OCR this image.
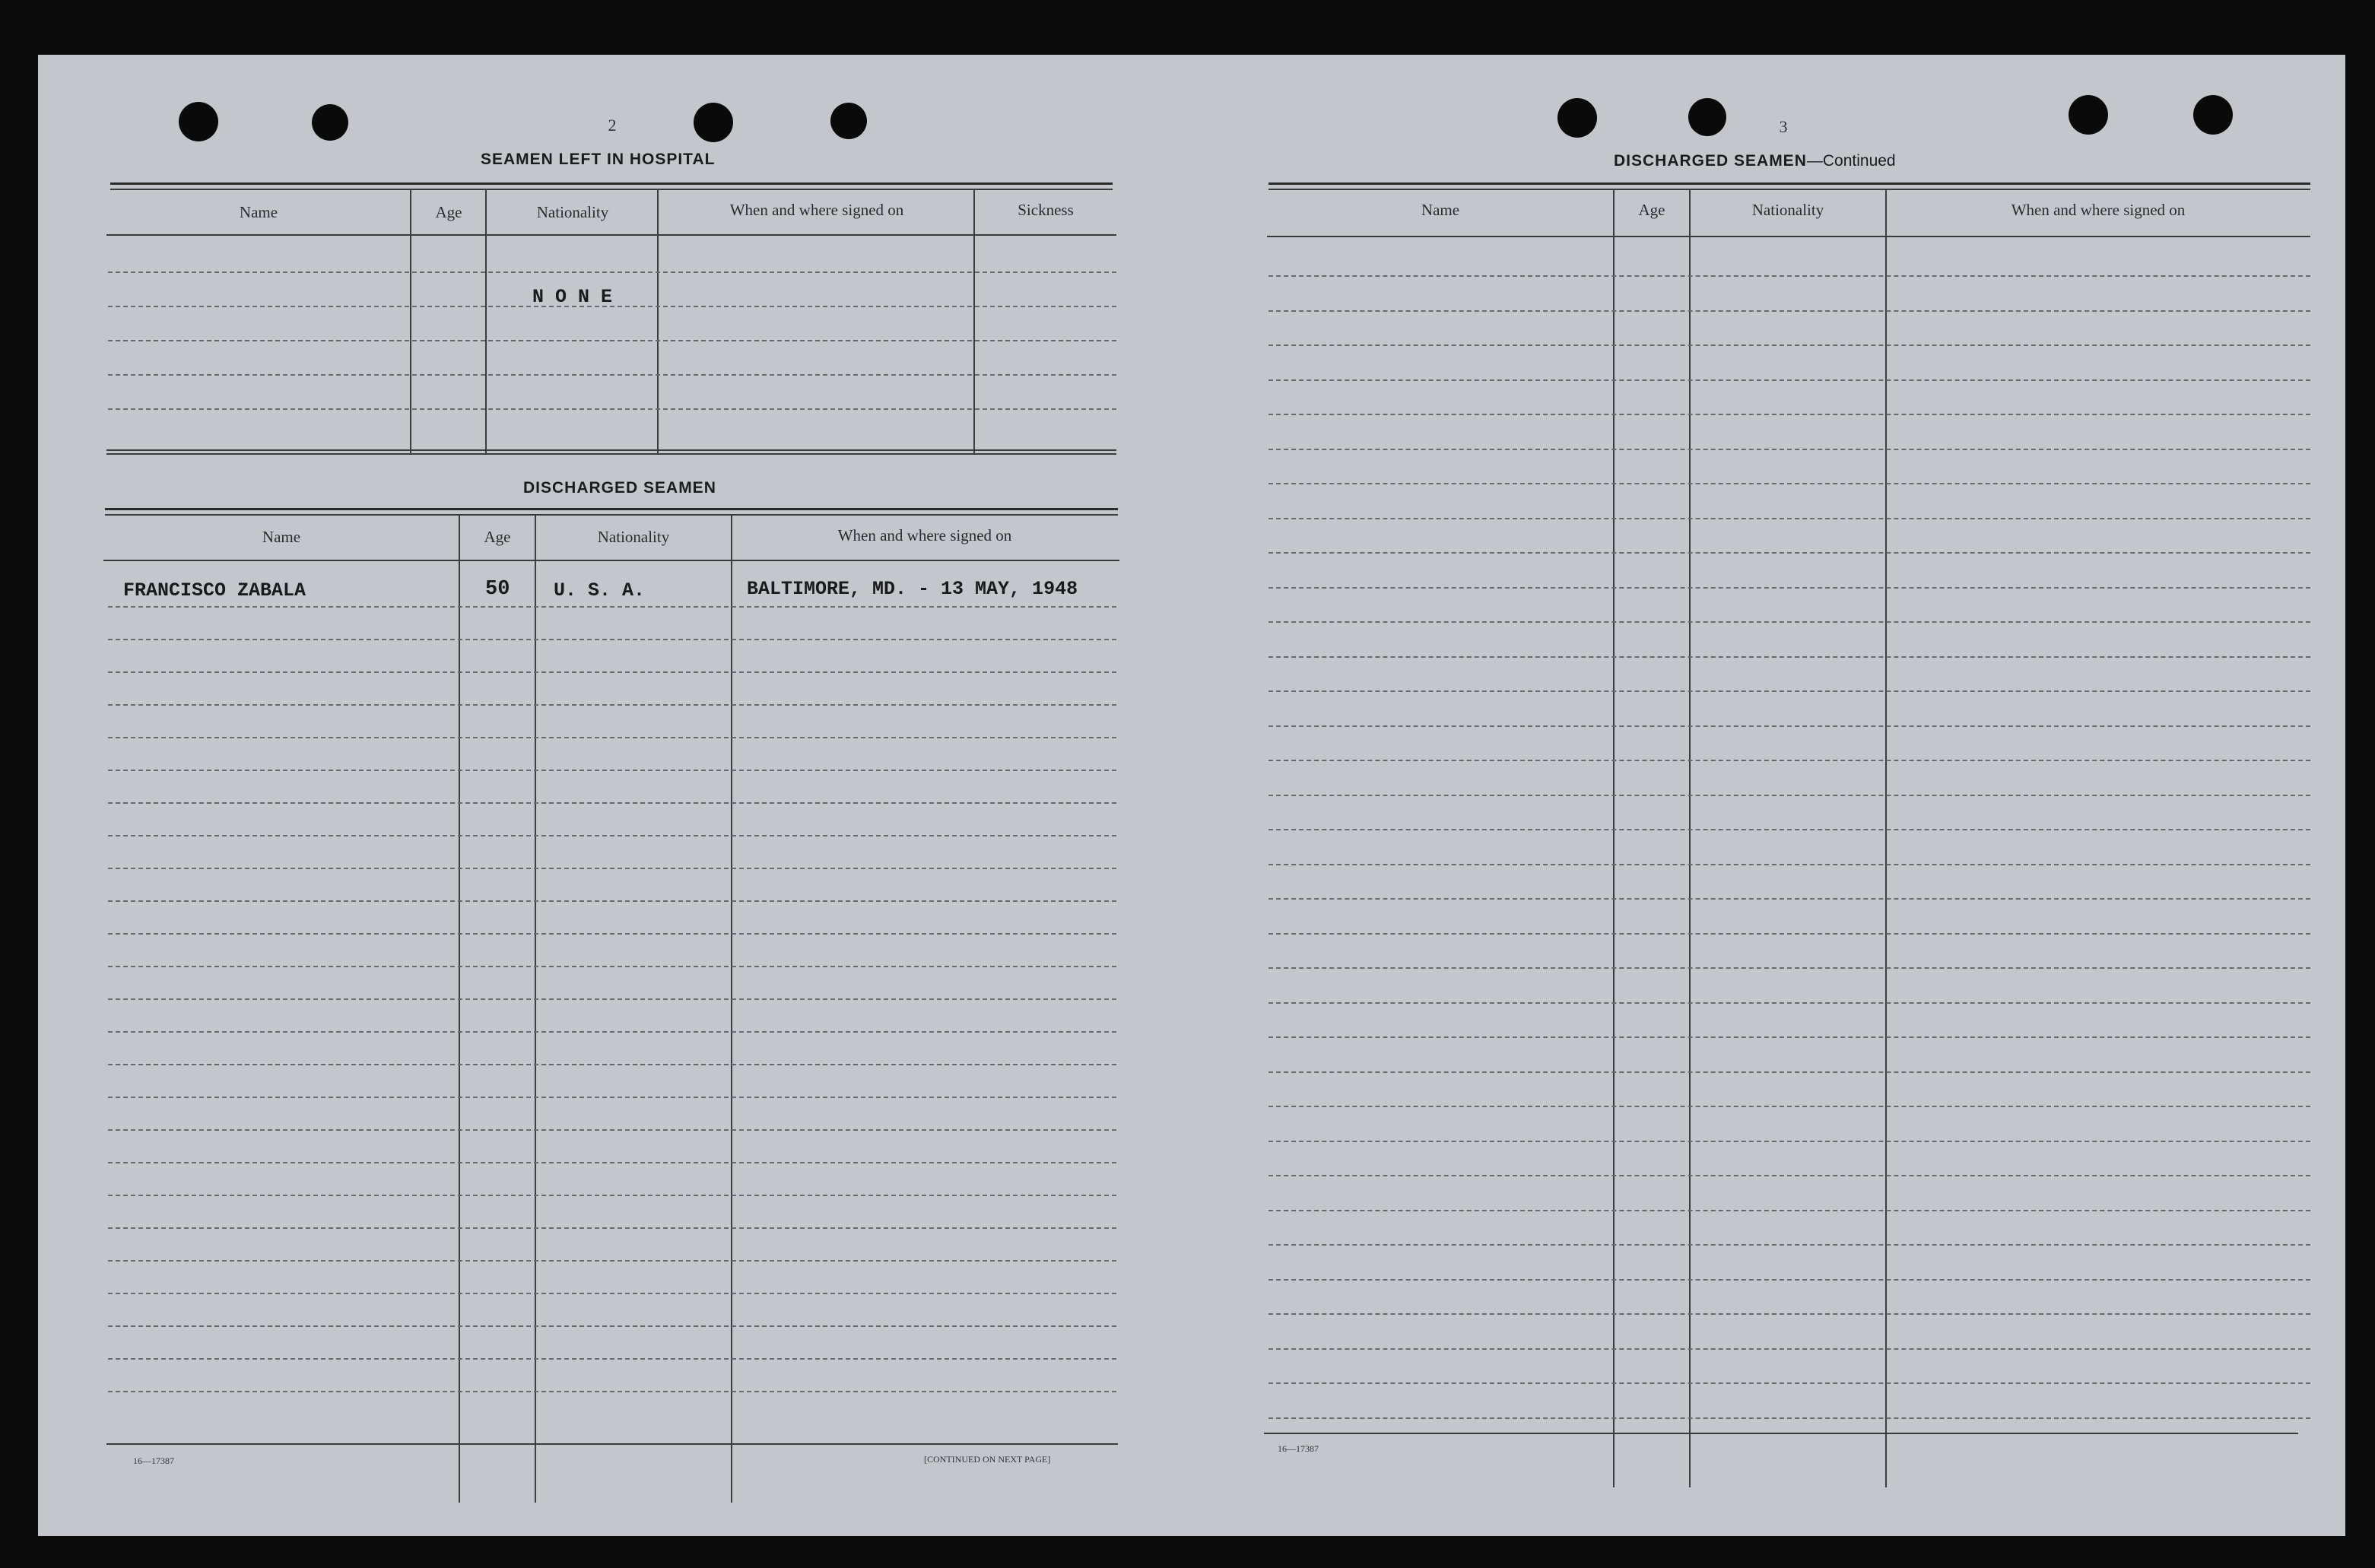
2
SEAMEN LEFT IN HOSPITAL
Name	Age	Nationality	When and where signed on	Sickness
N O N E
DISCHARGED SEAMEN
Name	Age	Nationality	When and where signed on
FRANCISCO ZABALA	50 U. S. A.	BALTIMORE, MD. - 13 MAY, 1948
16—17387	[CONTINUED ON NEXT PAGE]
3
DISCHARGED SEAMEN—Continued
Name	Age	Nationality	When and where signed on
16—17387
